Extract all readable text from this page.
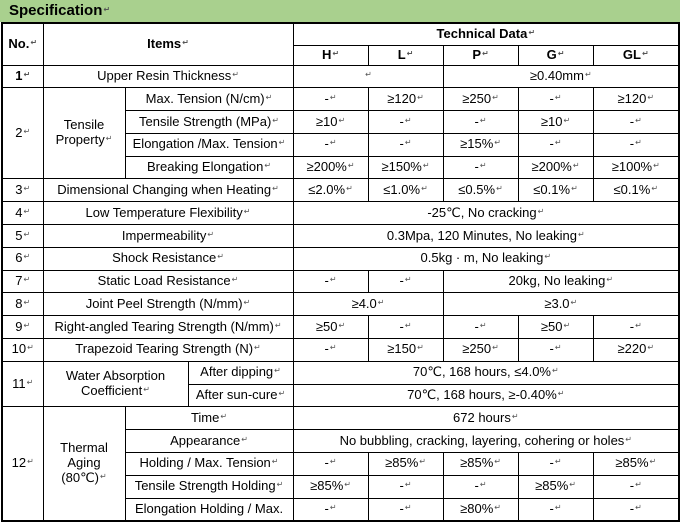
Specification↵
No.↵	Items↵			Technical Data↵
				H↵	L↵	P↵	G↵	GL↵
1↵	Upper Resin Thickness↵			↵		≥0.40mm↵
2↵	Tensile Property↵	Max. Tension (N/cm)↵		-↵	≥120↵	≥250↵	-↵	≥120↵
		Tensile Strength (MPa)↵		≥10↵	-↵	-↵	≥10↵	-↵
		Elongation /Max. Tension↵		-↵	-↵	≥15%↵	-↵	-↵
		Breaking Elongation↵		≥200%↵	≥150%↵	-↵	≥200%↵	≥100%↵
3↵	Dimensional Changing when Heating↵			≤2.0%↵	≤1.0%↵	≤0.5%↵	≤0.1%↵	≤0.1%↵
4↵	Low Temperature Flexibility↵			-25℃, No cracking↵
5↵	Impermeability↵			0.3Mpa, 120 Minutes, No leaking↵
6↵	Shock Resistance↵			0.5kg · m, No leaking↵
7↵	Static Load Resistance↵			-↵	-↵	20kg, No leaking↵
8↵	Joint Peel Strength (N/mm)↵			≥4.0↵		≥3.0↵
9↵	Right-angled Tearing Strength (N/mm)↵			≥50↵	-↵	-↵	≥50↵	-↵
10↵	Trapezoid Tearing Strength (N)↵			-↵	≥150↵	≥250↵	-↵	≥220↵
11↵	Water Absorption Coefficient↵		After dipping↵	70℃, 168 hours, ≤4.0%↵
			After sun-cure↵	70℃, 168 hours, ≥-0.40%↵
12↵	Thermal Aging (80℃)↵	Time↵		672 hours↵
		Appearance↵		No bubbling, cracking, layering, cohering or holes↵
		Holding / Max. Tension↵		-↵	≥85%↵	≥85%↵	-↵	≥85%↵
		Tensile Strength Holding↵		≥85%↵	-↵	-↵	≥85%↵	-↵
		Elongation Holding / Max.		-↵	-↵	≥80%↵	-↵	-↵
